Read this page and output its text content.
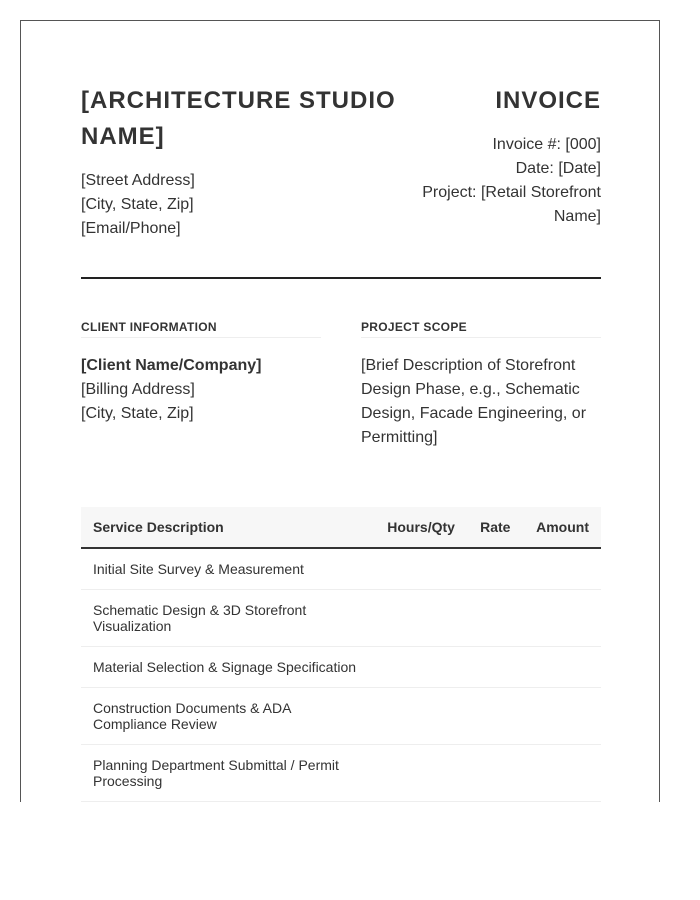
[ARCHITECTURE STUDIO NAME]
[Street Address]
[City, State, Zip]
[Email/Phone]
INVOICE
Invoice #: [000]
Date: [Date]
Project: [Retail Storefront Name]
CLIENT INFORMATION
[Client Name/Company]
[Billing Address]
[City, State, Zip]
PROJECT SCOPE
[Brief Description of Storefront Design Phase, e.g., Schematic Design, Facade Engineering, or Permitting]
Service Description	Hours/Qty	Rate	Amount
Initial Site Survey & Measurement			
Schematic Design & 3D Storefront Visualization			
Material Selection & Signage Specification			
Construction Documents & ADA Compliance Review			
Planning Department Submittal / Permit Processing			
